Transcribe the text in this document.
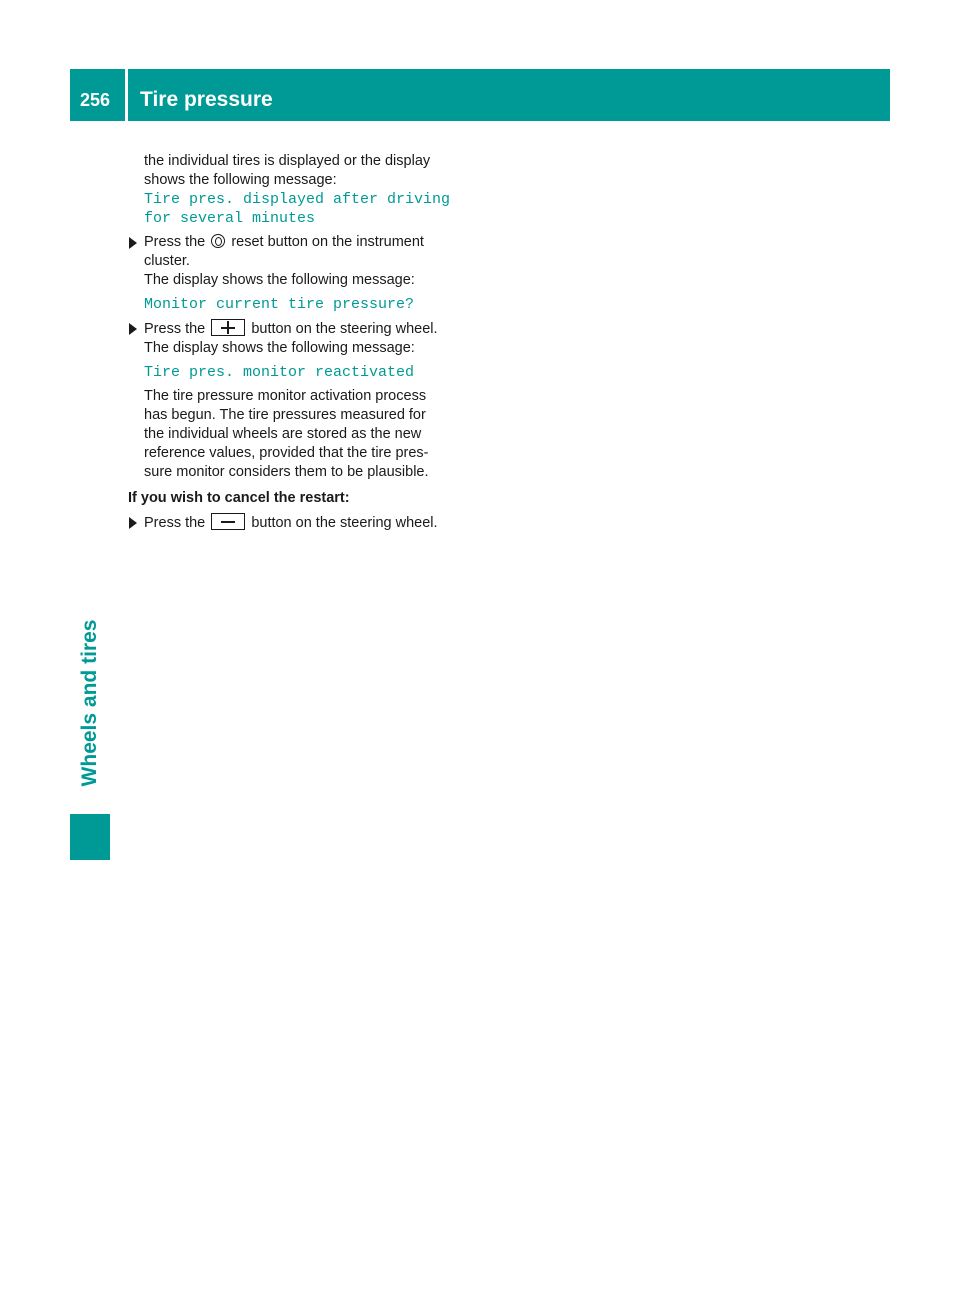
256	Tire pressure
Wheels and tires

the individual tires is displayed or the display

shows the following message:

Tire pres. displayed after driving

for several minutes

Press the reset button on the instrument

cluster.

The display shows the following message:

Monitor current tire pressure?

Press the	button on the steering wheel.

The display shows the following message:

Tire pres. monitor reactivated

The tire pressure monitor activation process

has begun. The tire pressures measured for

the individual wheels are stored as the new

reference values, provided that the tire pres-

sure monitor considers them to be plausible.

If you wish to cancel the restart:

Press the	button on the steering wheel.
